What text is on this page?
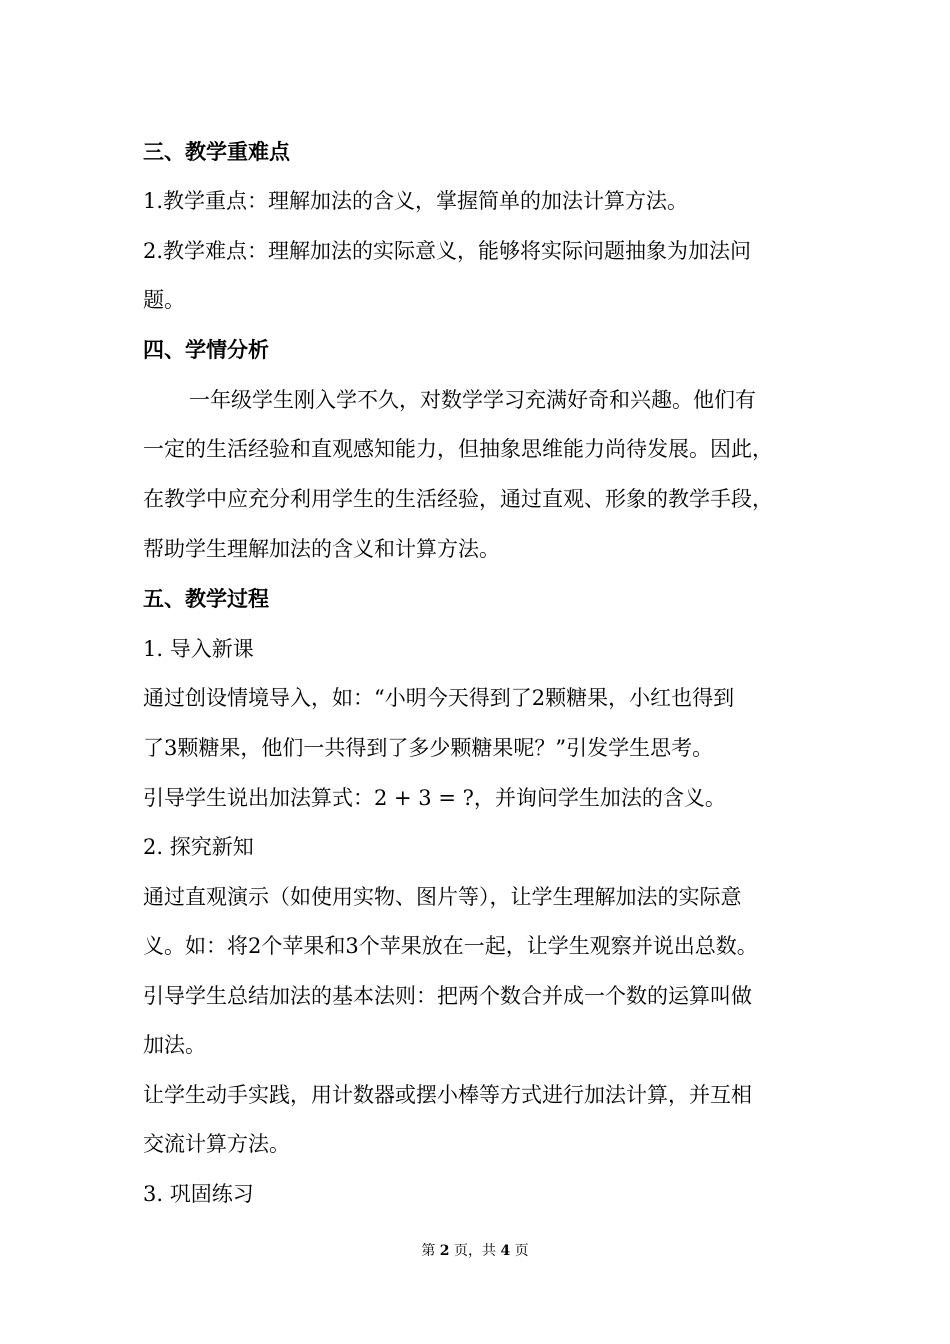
三、教学重难点
1.教学重点：理解加法的含义，掌握简单的加法计算方法。
2.教学难点：理解加法的实际意义，能够将实际问题抽象为加法问
题。
四、学情分析
一年级学生刚入学不久，对数学学习充满好奇和兴趣。他们有
一定的生活经验和直观感知能力，但抽象思维能力尚待发展。因此，
在教学中应充分利用学生的生活经验，通过直观、形象的教学手段，
帮助学生理解加法的含义和计算方法。
五、教学过程
1. 导入新课
通过创设情境导入，如：“小明今天得到了2颗糖果，小红也得到
了3颗糖果，他们一共得到了多少颗糖果呢？”引发学生思考。
引导学生说出加法算式：2 + 3 = ?，并询问学生加法的含义。
2. 探究新知
通过直观演示（如使用实物、图片等），让学生理解加法的实际意
义。如：将2个苹果和3个苹果放在一起，让学生观察并说出总数。
引导学生总结加法的基本法则：把两个数合并成一个数的运算叫做
加法。
让学生动手实践，用计数器或摆小棒等方式进行加法计算，并互相
交流计算方法。
3. 巩固练习
第 2 页，共 4 页
